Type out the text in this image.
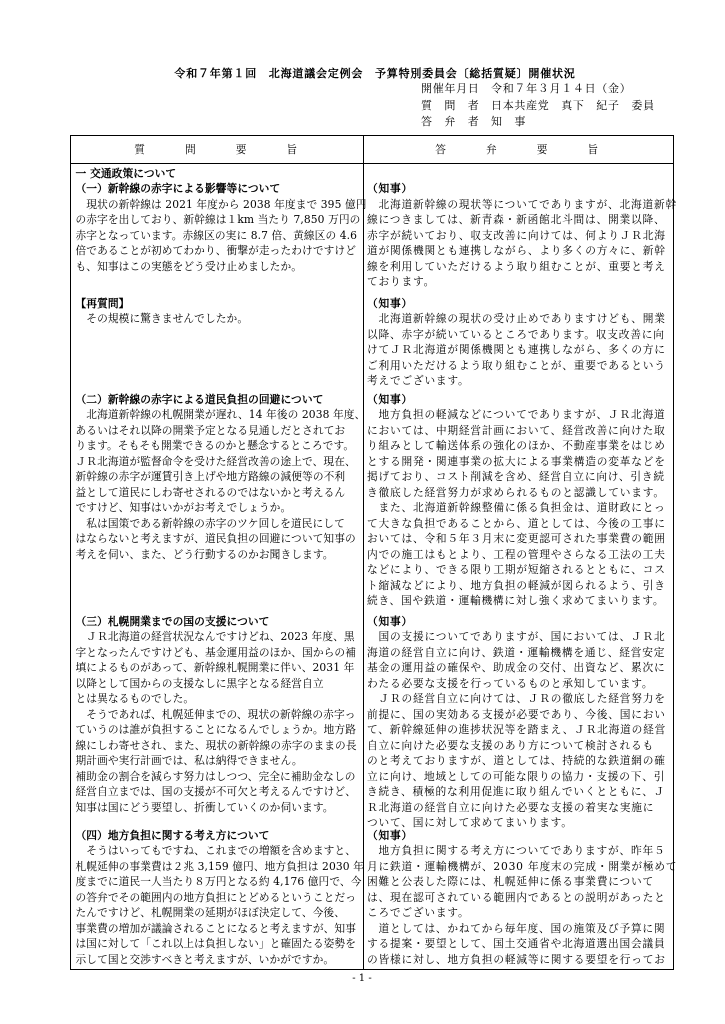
令和７年第１回　北海道議会定例会　予算特別委員会〔総括質疑〕開催状況
開催年月日 令和７年３月１４日（金）
質　問　者 日本共産党　真下　紀子　委員
答　弁　者 知　事
質　　　問　　　要　　　旨	答　　　弁　　　要　　　旨
一 交通政策について
（一）新幹線の赤字による影響等について
　現状の新幹線は 2021 年度から 2038 年度まで 395 億円
の赤字を出しており、新幹線は１km 当たり 7,850 万円の
赤字となっています。赤線区の実に 8.7 倍、黄線区の 4.6
倍であることが初めてわかり、衝撃が走ったわけですけど
も、知事はこの実態をどう受け止めましたか。
（知事）
　北海道新幹線の現状等についてでありますが、北海道新幹
線につきましては、新青森・新函館北斗間は、開業以降、
赤字が続いており、収支改善に向けては、何よりＪＲ北海
道が関係機関とも連携しながら、より多くの方々に、新幹
線を利用していただけるよう取り組むことが、重要と考え
ております。
【再質問】
　その規模に驚きませんでしたか。
（知事）
　北海道新幹線の現状の受け止めでありますけども、開業
以降、赤字が続いているところであります。収支改善に向
けてＪＲ北海道が関係機関とも連携しながら、多くの方に
ご利用いただけるよう取り組むことが、重要であるという
考えでございます。
（二）新幹線の赤字による道民負担の回避について
　北海道新幹線の札幌開業が遅れ、14 年後の 2038 年度、
あるいはそれ以降の開業予定となる見通しだとされてお
ります。そもそも開業できるのかと懸念するところです。
ＪＲ北海道が監督命令を受けた経営改善の途上で、現在、
新幹線の赤字が運賃引き上げや地方路線の減便等の不利
益として道民にしわ寄せされるのではないかと考えるん
ですけど、知事はいかがお考えでしょうか。
　私は国策である新幹線の赤字のツケ回しを道民にして
はならないと考えますが、道民負担の回避について知事の
考えを伺い、また、どう行動するのかお聞きします。
（知事）
　地方負担の軽減などについてでありますが、ＪＲ北海道
においては、中期経営計画において、経営改善に向けた取
り組みとして輸送体系の強化のほか、不動産事業をはじめ
とする開発・関連事業の拡大による事業構造の変革などを
掲げており、コスト削減を含め、経営自立に向け、引き続
き徹底した経営努力が求められるものと認識しています。
　また、北海道新幹線整備に係る負担金は、道財政にとっ
て大きな負担であることから、道としては、今後の工事に
おいては、令和５年３月末に変更認可された事業費の範囲
内での施工はもとより、工程の管理やさらなる工法の工夫
などにより、できる限り工期が短縮されるとともに、コス
ト縮減などにより、地方負担の軽減が図られるよう、引き
続き、国や鉄道・運輸機構に対し強く求めてまいります。
（三）札幌開業までの国の支援について
　ＪＲ北海道の経営状況なんですけどね、2023 年度、黒
字となったんですけども、基金運用益のほか、国からの補
填によるものがあって、新幹線札幌開業に伴い、2031 年
以降として国からの支援なしに黒字となる経営自立
とは異なるものでした。
　そうであれば、札幌延伸までの、現状の新幹線の赤字っ
ていうのは誰が負担することになるんでしょうか。地方路
線にしわ寄せされ、また、現状の新幹線の赤字のままの長
期計画や実行計画では、私は納得できません。
補助金の割合を減らす努力はしつつ、完全に補助金なしの
経営自立までは、国の支援が不可欠と考えるんですけど、
知事は国にどう要望し、折衝していくのか伺います。
（知事）
　国の支援についてでありますが、国においては、ＪＲ北
海道の経営自立に向け、鉄道・運輸機構を通じ、経営安定
基金の運用益の確保や、助成金の交付、出資など、累次に
わたる必要な支援を行っているものと承知しています。
　ＪＲの経営自立に向けては、ＪＲの徹底した経営努力を
前提に、国の実効ある支援が必要であり、今後、国におい
て、新幹線延伸の進捗状況等を踏まえ、ＪＲ北海道の経営
自立に向けた必要な支援のあり方について検討されるも
のと考えておりますが、道としては、持続的な鉄道網の確
立に向け、地域としての可能な限りの協力・支援の下、引
き続き、積極的な利用促進に取り組んでいくとともに、Ｊ
Ｒ北海道の経営自立に向けた必要な支援の着実な実施に
ついて、国に対して求めてまいります。
（四）地方負担に関する考え方について
　そうはいってもですね、これまでの増額を含めますと、
札幌延伸の事業費は２兆 3,159 億円、地方負担は 2030 年
度までに道民一人当たり８万円となる約 4,176 億円で、今
の答弁でその範囲内の地方負担にとどめるということだっ
たんですけど、札幌開業の延期がほぼ決定して、今後、
事業費の増加が議論されることになると考えますが、知事
は国に対して「これ以上は負担しない」と確固たる姿勢を
示して国と交渉すべきと考えますが、いかがですか。
（知事）
　地方負担に関する考え方についてでありますが、昨年５
月に鉄道・運輸機構が、2030 年度末の完成・開業が極めて
困難と公表した際には、札幌延伸に係る事業費について
は、現在認可されている範囲内であるとの説明があったと
ころでございます。
　道としては、かねてから毎年度、国の施策及び予算に関
する提案・要望として、国土交通省や北海道選出国会議員
の皆様に対し、地方負担の軽減等に関する要望を行ってお
- 1 -
